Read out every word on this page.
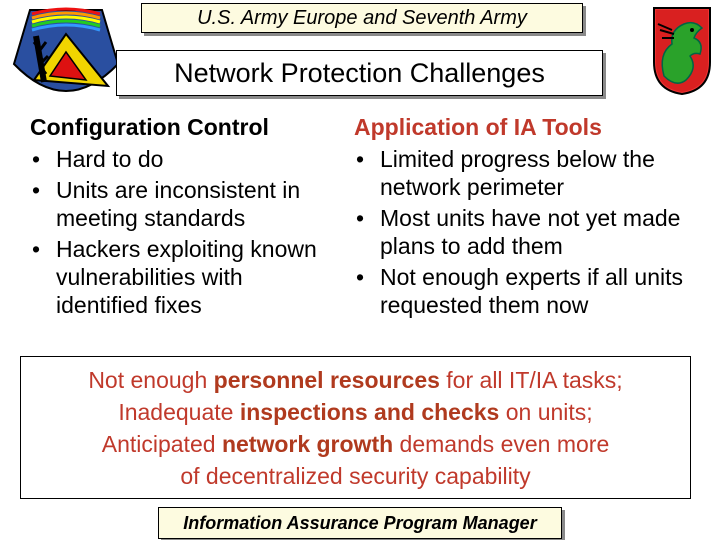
U.S. Army Europe and Seventh Army
Network Protection Challenges
Configuration Control
• Hard to do
• Units are inconsistent in meeting standards
• Hackers exploiting known vulnerabilities with identified fixes
Application of IA Tools
• Limited progress below the network perimeter
• Most units have not yet made plans to add them
• Not enough experts if all units requested them now
Not enough personnel resources for all IT/IA tasks;
Inadequate inspections and checks on units;
Anticipated network growth demands even more
of decentralized security capability
Information Assurance Program Manager
